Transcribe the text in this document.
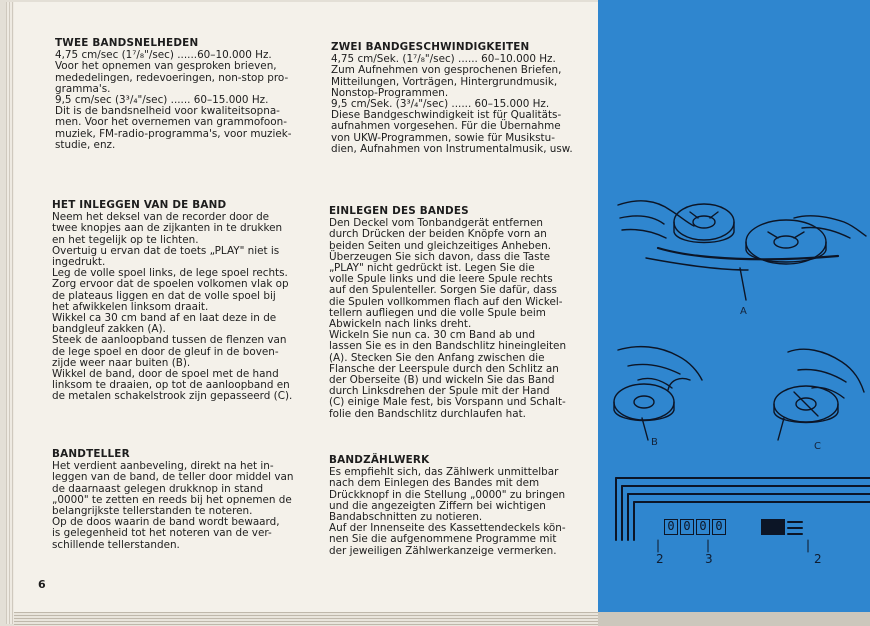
TWEE BANDSNELHEDEN

4,75 cm/sec (1⁷/₈"/sec) ......60–10.000 Hz.

Voor het opnemen van gesproken brieven,

mededelingen, redevoeringen, non-stop pro-

gramma's.

9,5 cm/sec (3³/₄"/sec) ...... 60–15.000 Hz.

Dit is de bandsnelheid voor kwaliteitsopna-

men. Voor het overnemen van grammofoon-

muziek, FM-radio-programma's, voor muziek-

studie, enz.

HET INLEGGEN VAN DE BAND

Neem het deksel van de recorder door de

twee knopjes aan de zijkanten in te drukken

en het tegelijk op te lichten.

Overtuig u ervan dat de toets „PLAY" niet is

ingedrukt.

Leg de volle spoel links, de lege spoel rechts.

Zorg ervoor dat de spoelen volkomen vlak op

de plateaus liggen en dat de volle spoel bij

het afwikkelen linksom draait.

Wikkel ca 30 cm band af en laat deze in de

bandgleuf zakken (A).

Steek de aanloopband tussen de flenzen van

de lege spoel en door de gleuf in de boven-

zijde weer naar buiten (B).

Wikkel de band, door de spoel met de hand

linksom te draaien, op tot de aanloopband en

de metalen schakelstrook zijn gepasseerd (C).

BANDTELLER

Het verdient aanbeveling, direkt na het in-

leggen van de band, de teller door middel van

de daarnaast gelegen drukknop in stand

„0000" te zetten en reeds bij het opnemen de

belangrijkste tellerstanden te noteren.

Op de doos waarin de band wordt bewaard,

is gelegenheid tot het noteren van de ver-

schillende tellerstanden.

ZWEI BANDGESCHWINDIGKEITEN

4,75 cm/Sek. (1⁷/₈"/sec) ...... 60–10.000 Hz.

Zum Aufnehmen von gesprochenen Briefen,

Mitteilungen, Vorträgen, Hintergrundmusik,

Nonstop-Programmen.

9,5 cm/Sek. (3³/₄"/sec) ...... 60–15.000 Hz.

Diese Bandgeschwindigkeit ist für Qualitäts-

aufnahmen vorgesehen. Für die Übernahme

von UKW-Programmen, sowie für Musikstu-

dien, Aufnahmen von Instrumentalmusik, usw.

EINLEGEN DES BANDES

Den Deckel vom Tonbandgerät entfernen

durch Drücken der beiden Knöpfe vorn an

beiden Seiten und gleichzeitiges Anheben.

Überzeugen Sie sich davon, dass die Taste

„PLAY" nicht gedrückt ist. Legen Sie die

volle Spule links und die leere Spule rechts

auf den Spulenteller. Sorgen Sie dafür, dass

die Spulen vollkommen flach auf den Wickel-

tellern aufliegen und die volle Spule beim

Abwickeln nach links dreht.

Wickeln Sie nun ca. 30 cm Band ab und

lassen Sie es in den Bandschlitz hineingleiten

(A). Stecken Sie den Anfang zwischen die

Flansche der Leerspule durch den Schlitz an

der Oberseite (B) und wickeln Sie das Band

durch Linksdrehen der Spule mit der Hand

(C) einige Male fest, bis Vorspann und Schalt-

folie den Bandschlitz durchlaufen hat.

BANDZÄHLWERK

Es empfiehlt sich, das Zählwerk unmittelbar

nach dem Einlegen des Bandes mit dem

Drückknopf in die Stellung „0000" zu bringen

und die angezeigten Ziffern bei wichtigen

Bandabschnitten zu notieren.

Auf der Innenseite des Kassettendeckels kön-

nen Sie die aufgenommene Programme mit

der jeweiligen Zählwerkanzeige vermerken.

6
0 0 0 0
A
B	C
2	3	2
